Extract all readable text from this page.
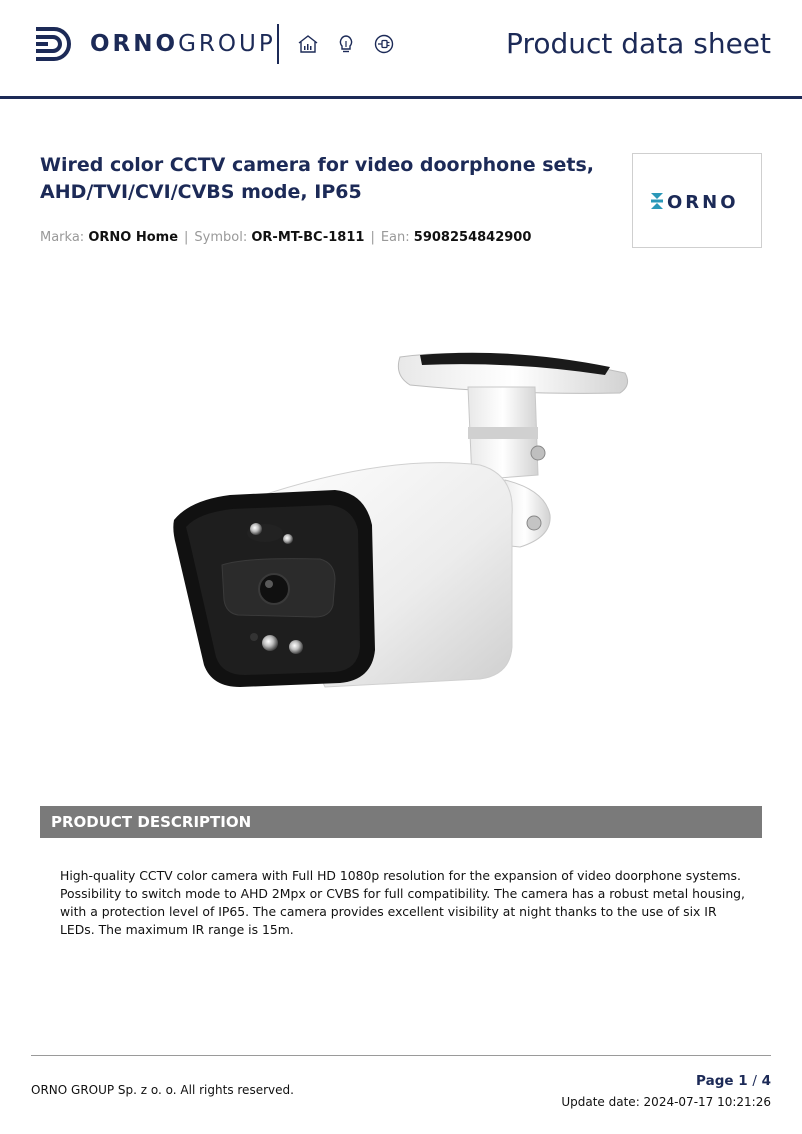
ORNOGROUP	Product data sheet
Wired color CCTV camera for video doorphone sets, AHD/TVI/CVI/CVBS mode, IP65	ORNO
Marka: ORNO Home | Symbol: OR-MT-BC-1811 | Ean: 5908254842900
PRODUCT DESCRIPTION
High-quality CCTV color camera with Full HD 1080p resolution for the expansion of video doorphone systems. Possibility to switch mode to AHD 2Mpx or CVBS for full compatibility. The camera has a robust metal housing, with a protection level of IP65. The camera provides excellent visibility at night thanks to the use of six IR LEDs. The maximum IR range is 15m.
ORNO GROUP Sp. z o. o. All rights reserved.
Page 1 / 4
Update date: 2024-07-17 10:21:26
